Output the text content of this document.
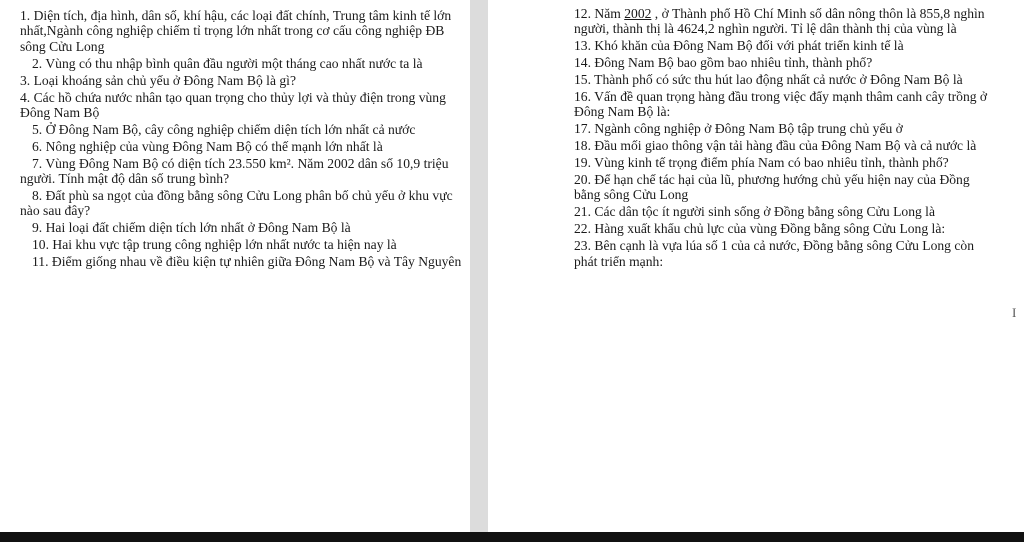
1. Diện tích, địa hình, dân số, khí hậu, các loại đất chính, Trung tâm kinh tế lớn nhất,Ngành công nghiệp chiếm tỉ trọng lớn nhất trong cơ cấu công nghiệp ĐB sông Cửu Long

2. Vùng có thu nhập bình quân đầu người một tháng cao nhất nước ta là

3. Loại khoáng sản chủ yếu ở Đông Nam Bộ là gì?

4. Các hồ chứa nước nhân tạo quan trọng cho thủy lợi và thủy điện trong vùng Đông Nam Bộ

5. Ở Đông Nam Bộ, cây công nghiệp chiếm diện tích lớn nhất cả nước

6. Nông nghiệp của vùng Đông Nam Bộ có thế mạnh lớn nhất là

7. Vùng Đông Nam Bộ có diện tích 23.550 km². Năm 2002 dân số 10,9 triệu người. Tính mật độ dân số trung bình?

8. Đất phù sa ngọt của đồng bằng sông Cửu Long phân bố chủ yếu ở khu vực nào sau đây?

9. Hai loại đất chiếm diện tích lớn nhất ở Đông Nam Bộ là

10. Hai khu vực tập trung công nghiệp lớn nhất nước ta hiện nay là

11. Điểm giống nhau về điều kiện tự nhiên giữa Đông Nam Bộ và Tây Nguyên

12. Năm 2002 , ở Thành phố Hồ Chí Minh số dân nông thôn là 855,8 nghìn người, thành thị là 4624,2 nghìn người. Tỉ lệ dân thành thị của vùng là

13. Khó khăn của Đông Nam Bộ đối với phát triển kinh tế là

14. Đông Nam Bộ bao gồm bao nhiêu tỉnh, thành phố?

15. Thành phố có sức thu hút lao động nhất cả nước ở Đông Nam Bộ là

16. Vấn đề quan trọng hàng đầu trong việc đẩy mạnh thâm canh cây trồng ở Đông Nam Bộ là:

17. Ngành công nghiệp ở Đông Nam Bộ tập trung chủ yếu ở

18. Đầu mối giao thông vận tải hàng đầu của Đông Nam Bộ và cả nước là

19. Vùng kinh tế trọng điểm phía Nam có bao nhiêu tỉnh, thành phố?

20. Để hạn chế tác hại của lũ, phương hướng chủ yếu hiện nay của Đồng bằng sông Cửu Long

21. Các dân tộc ít người sinh sống ở Đồng bằng sông Cửu Long là

22. Hàng xuất khẩu chủ lực của vùng Đồng bằng sông Cửu Long là:

23. Bên cạnh là vựa lúa số 1 của cả nước, Đồng bằng sông Cửu Long còn phát triển mạnh:

I
